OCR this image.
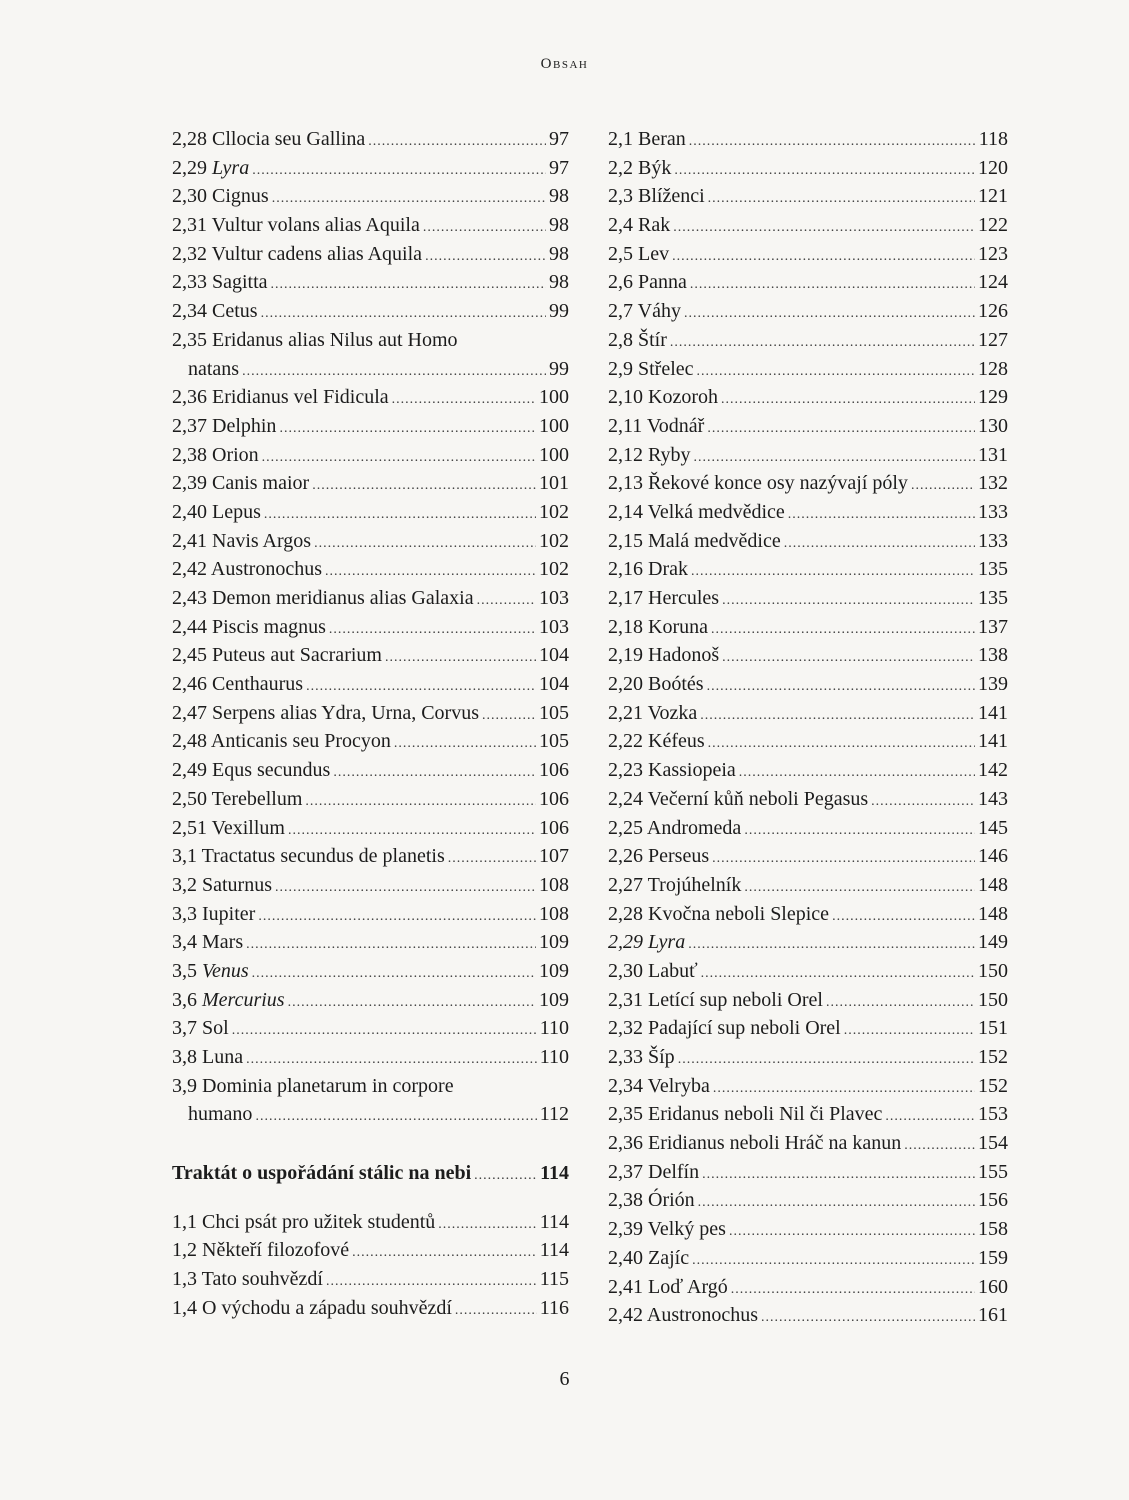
Obsah
2,28 Cllocia seu Gallina .....	97
2,29 Lyra .....	97
2,30 Cignus .....	98
2,31 Vultur volans alias Aquila .....	98
2,32 Vultur cadens alias Aquila .....	98
2,33 Sagitta .....	98
2,34 Cetus .....	99
2,35 Eridanus alias Nilus aut Homo
natans .....	99
2,36 Eridianus vel Fidicula .....	100
2,37 Delphin .....	100
2,38 Orion .....	100
2,39 Canis maior .....	101
2,40 Lepus .....	102
2,41 Navis Argos .....	102
2,42 Austronochus .....	102
2,43 Demon meridianus alias Galaxia .....	103
2,44 Piscis magnus .....	103
2,45 Puteus aut Sacrarium .....	104
2,46 Centhaurus .....	104
2,47 Serpens alias Ydra, Urna, Corvus .....	105
2,48 Anticanis seu Procyon .....	105
2,49 Equs secundus .....	106
2,50 Terebellum .....	106
2,51 Vexillum .....	106
3,1 Tractatus secundus de planetis .....	107
3,2 Saturnus .....	108
3,3 Iupiter .....	108
3,4 Mars .....	109
3,5 Venus .....	109
3,6 Mercurius .....	109
3,7 Sol .....	110
3,8 Luna .....	110
3,9 Dominia planetarum in corpore
humano .....	112
Traktát o uspořádání stálic na nebi .....	114
1,1 Chci psát pro užitek studentů .....	114
1,2 Někteří filozofové .....	114
1,3 Tato souhvězdí .....	115
1,4 O východu a západu souhvězdí .....	116
2,1 Beran .....	118
2,2 Býk .....	120
2,3 Blíženci .....	121
2,4 Rak .....	122
2,5 Lev .....	123
2,6 Panna .....	124
2,7 Váhy .....	126
2,8 Štír .....	127
2,9 Střelec .....	128
2,10 Kozoroh .....	129
2,11 Vodnář .....	130
2,12 Ryby .....	131
2,13 Řekové konce osy nazývají póly .....	132
2,14 Velká medvědice .....	133
2,15 Malá medvědice .....	133
2,16 Drak .....	135
2,17 Hercules .....	135
2,18 Koruna .....	137
2,19 Hadonoš .....	138
2,20 Boótés .....	139
2,21 Vozka .....	141
2,22 Kéfeus .....	141
2,23 Kassiopeia .....	142
2,24 Večerní kůň neboli Pegasus .....	143
2,25 Andromeda .....	145
2,26 Perseus .....	146
2,27 Trojúhelník .....	148
2,28 Kvočna neboli Slepice .....	148
2,29 Lyra .....	149
2,30 Labuť .....	150
2,31 Letící sup neboli Orel .....	150
2,32 Padající sup neboli Orel .....	151
2,33 Šíp .....	152
2,34 Velryba .....	152
2,35 Eridanus neboli Nil či Plavec .....	153
2,36 Eridianus neboli Hráč na kanun .....	154
2,37 Delfín .....	155
2,38 Órión .....	156
2,39 Velký pes .....	158
2,40 Zajíc .....	159
2,41 Loď Argó .....	160
2,42 Austronochus .....	161
6
